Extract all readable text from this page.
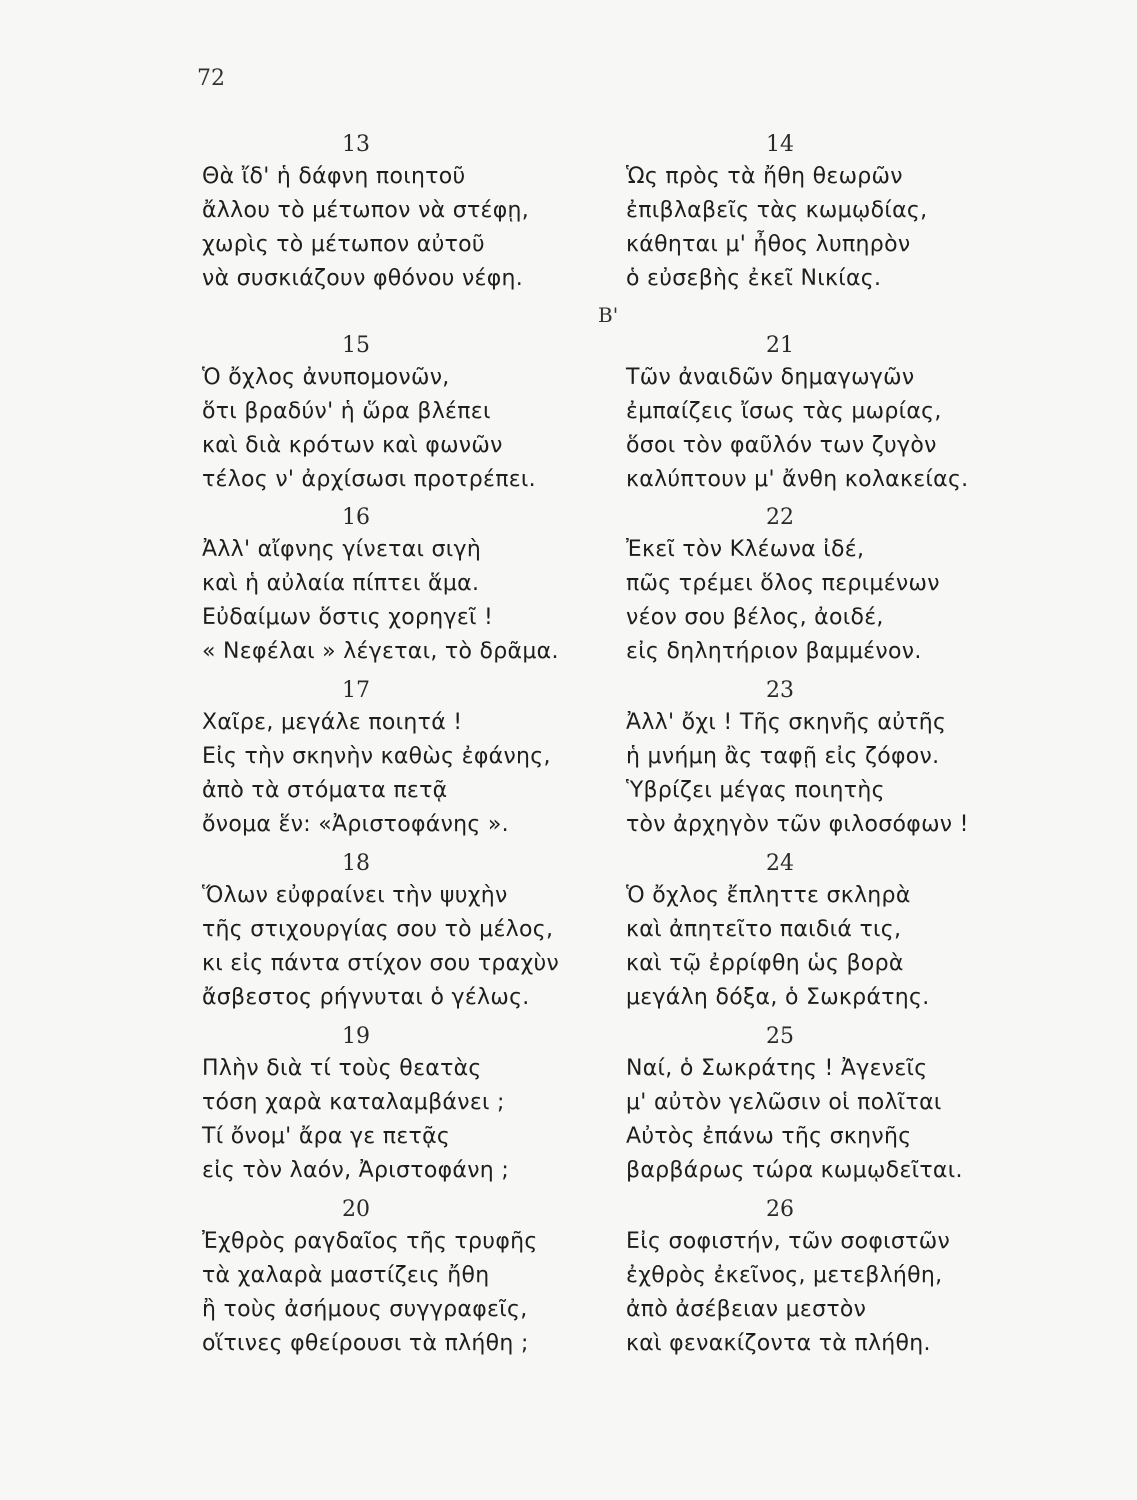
72
Β'
13
Θὰ ἴδ' ἡ δάφνη ποιητοῦ
ἄλλου τὸ μέτωπον νὰ στέφῃ,
χωρὶς τὸ μέτωπον αὐτοῦ
νὰ συσκιάζουν φθόνου νέφη.
15
Ὁ ὄχλος ἀνυπομονῶν,
ὅτι βραδύν' ἡ ὥρα βλέπει
καὶ διὰ κρότων καὶ φωνῶν
τέλος ν' ἀρχίσωσι προτρέπει.
16
Ἀλλ' αἴφνης γίνεται σιγὴ
καὶ ἡ αὐλαία πίπτει ἅμα.
Εὐδαίμων ὅστις χορηγεῖ !
« Νεφέλαι » λέγεται, τὸ δρᾶμα.
17
Χαῖρε, μεγάλε ποιητά !
Εἰς τὴν σκηνὴν καθὼς ἐφάνης,
ἀπὸ τὰ στόματα πετᾷ
ὄνομα ἕν: «Ἀριστοφάνης ».
18
Ὅλων εὐφραίνει τὴν ψυχὴν
τῆς στιχουργίας σου τὸ μέλος,
κι εἰς πάντα στίχον σου τραχὺν
ἄσβεστος ρήγνυται ὁ γέλως.
19
Πλὴν διὰ τί τοὺς θεατὰς
τόση χαρὰ καταλαμβάνει ;
Τί ὄνομ' ἄρα γε πετᾷς
εἰς τὸν λαόν, Ἀριστοφάνη ;
20
Ἐχθρὸς ραγδαῖος τῆς τρυφῆς
τὰ χαλαρὰ μαστίζεις ἤθη
ἢ τοὺς ἀσήμους συγγραφεῖς,
οἵτινες φθείρουσι τὰ πλήθη ;
14
Ὡς πρὸς τὰ ἤθη θεωρῶν
ἐπιβλαβεῖς τὰς κωμῳδίας,
κάθηται μ' ἦθος λυπηρὸν
ὁ εὐσεβὴς ἐκεῖ Νικίας.
21
Τῶν ἀναιδῶν δημαγωγῶν
ἐμπαίζεις ἴσως τὰς μωρίας,
ὅσοι τὸν φαῦλόν των ζυγὸν
καλύπτουν μ' ἄνθη κολακείας.
22
Ἐκεῖ τὸν Κλέωνα ἰδέ,
πῶς τρέμει ὅλος περιμένων
νέον σου βέλος, ἀοιδέ,
εἰς δηλητήριον βαμμένον.
23
Ἀλλ' ὄχι ! Τῆς σκηνῆς αὐτῆς
ἡ μνήμη ἂς ταφῇ εἰς ζόφον.
Ὑβρίζει μέγας ποιητὴς
τὸν ἀρχηγὸν τῶν φιλοσόφων !
24
Ὁ ὄχλος ἔπληττε σκληρὰ
καὶ ἀπητεῖτο παιδιά τις,
καὶ τῷ ἐρρίφθη ὡς βορὰ
μεγάλη δόξα, ὁ Σωκράτης.
25
Ναί, ὁ Σωκράτης ! Ἀγενεῖς
μ' αὐτὸν γελῶσιν οἱ πολῖται
Αὐτὸς ἐπάνω τῆς σκηνῆς
βαρβάρως τώρα κωμῳδεῖται.
26
Εἰς σοφιστήν, τῶν σοφιστῶν
ἐχθρὸς ἐκεῖνος, μετεβλήθη,
ἀπὸ ἀσέβειαν μεστὸν
καὶ φενακίζοντα τὰ πλήθη.
